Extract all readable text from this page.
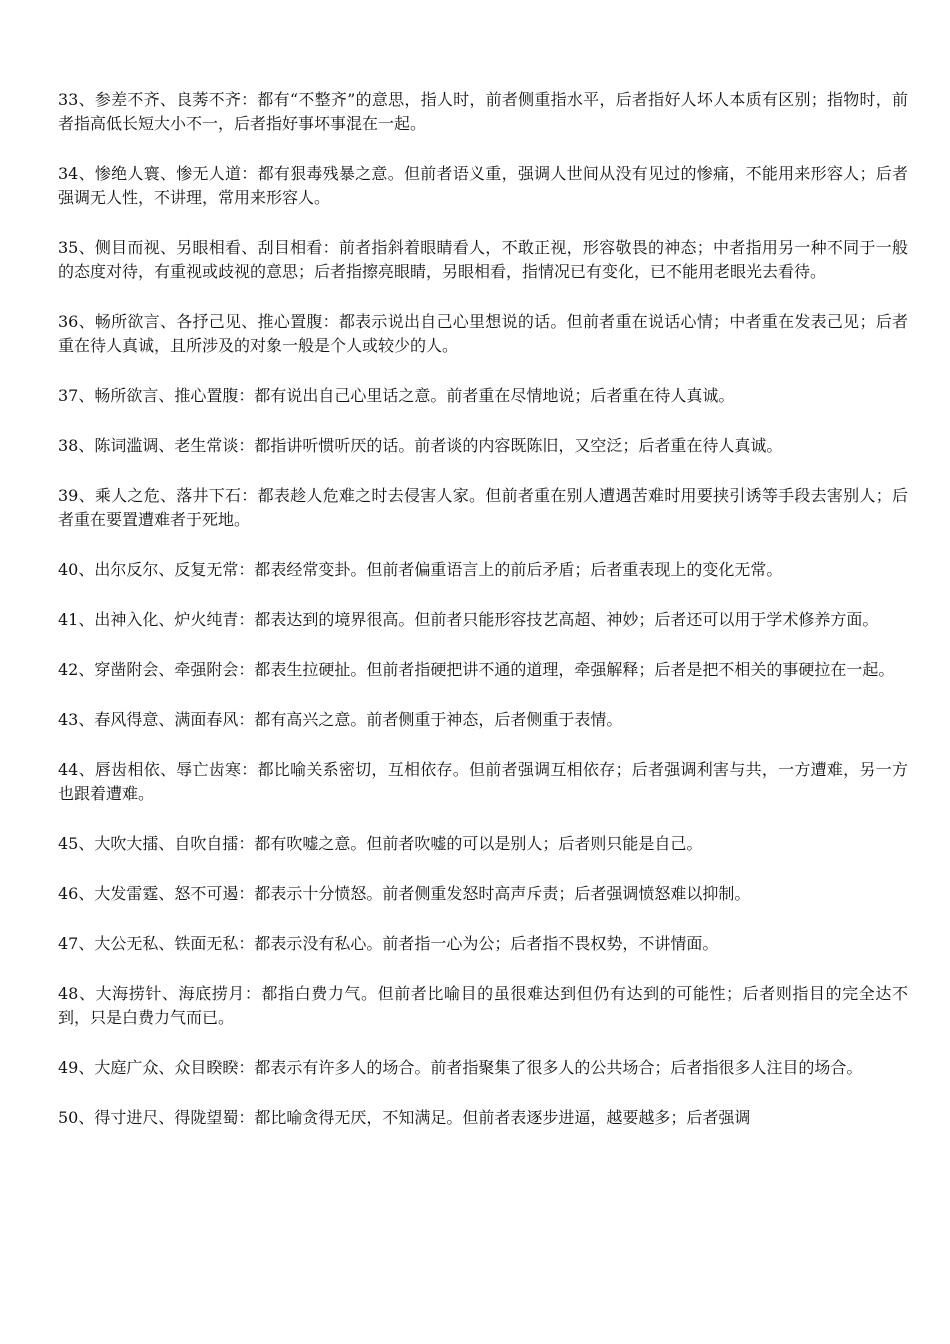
33、参差不齐、良莠不齐：都有“不整齐”的意思，指人时，前者侧重指水平，后者指好人坏人本质有区别；指物时，前者指高低长短大小不一，后者指好事坏事混在一起。

34、惨绝人寰、惨无人道：都有狠毒残暴之意。但前者语义重，强调人世间从没有见过的惨痛，不能用来形容人；后者强调无人性，不讲理，常用来形容人。

35、侧目而视、另眼相看、刮目相看：前者指斜着眼睛看人，不敢正视，形容敬畏的神态；中者指用另一种不同于一般的态度对待，有重视或歧视的意思；后者指擦亮眼睛，另眼相看，指情况已有变化，已不能用老眼光去看待。

36、畅所欲言、各抒己见、推心置腹：都表示说出自己心里想说的话。但前者重在说话心情；中者重在发表己见；后者重在待人真诚，且所涉及的对象一般是个人或较少的人。

37、畅所欲言、推心置腹：都有说出自己心里话之意。前者重在尽情地说；后者重在待人真诚。

38、陈词滥调、老生常谈：都指讲听惯听厌的话。前者谈的内容既陈旧，又空泛；后者重在待人真诚。

39、乘人之危、落井下石：都表趁人危难之时去侵害人家。但前者重在别人遭遇苦难时用要挟引诱等手段去害别人；后者重在要置遭难者于死地。

40、出尔反尔、反复无常：都表经常变卦。但前者偏重语言上的前后矛盾；后者重表现上的变化无常。

41、出神入化、炉火纯青：都表达到的境界很高。但前者只能形容技艺高超、神妙；后者还可以用于学术修养方面。

42、穿凿附会、牵强附会：都表生拉硬扯。但前者指硬把讲不通的道理，牵强解释；后者是把不相关的事硬拉在一起。

43、春风得意、满面春风：都有高兴之意。前者侧重于神态，后者侧重于表情。

44、唇齿相依、辱亡齿寒：都比喻关系密切，互相依存。但前者强调互相依存；后者强调利害与共，一方遭难，另一方也跟着遭难。

45、大吹大擂、自吹自擂：都有吹嘘之意。但前者吹嘘的可以是别人；后者则只能是自己。

46、大发雷霆、怒不可遏：都表示十分愤怒。前者侧重发怒时高声斥责；后者强调愤怒难以抑制。

47、大公无私、铁面无私：都表示没有私心。前者指一心为公；后者指不畏权势，不讲情面。

48、大海捞针、海底捞月：都指白费力气。但前者比喻目的虽很难达到但仍有达到的可能性；后者则指目的完全达不到，只是白费力气而已。

49、大庭广众、众目睽睽：都表示有许多人的场合。前者指聚集了很多人的公共场合；后者指很多人注目的场合。

50、得寸进尺、得陇望蜀：都比喻贪得无厌，不知满足。但前者表逐步进逼，越要越多；后者强调
